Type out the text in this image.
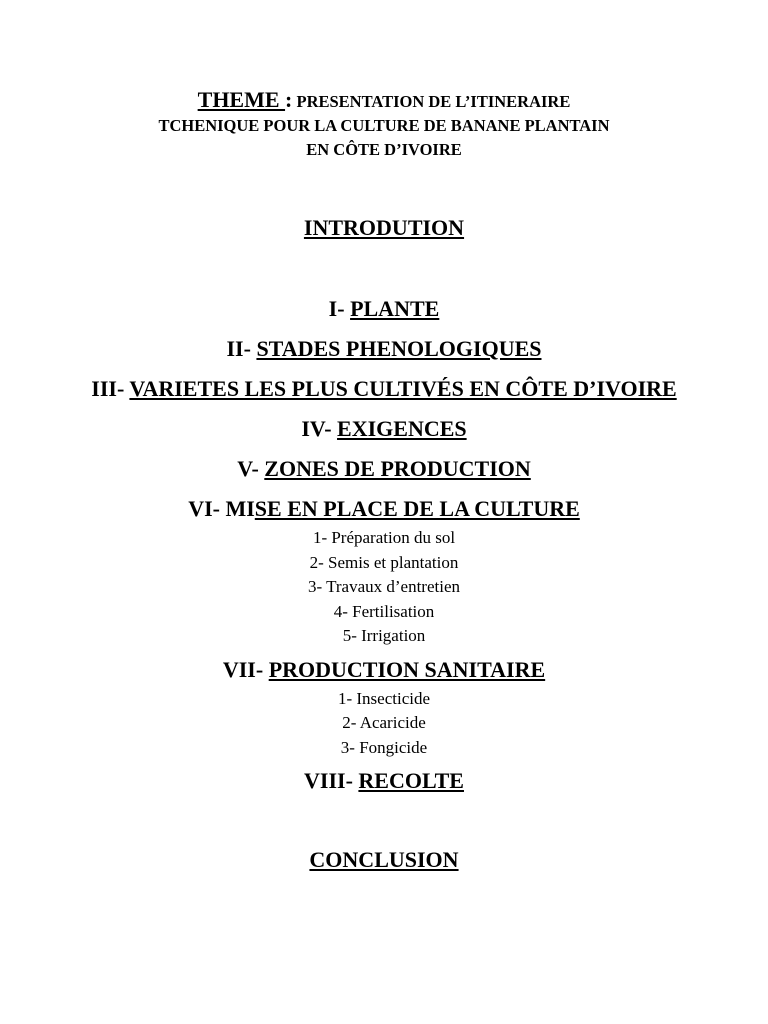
THEME : PRESENTATION DE L’ITINERAIRE
TCHENIQUE POUR LA CULTURE DE BANANE PLANTAIN
EN CÔTE D’IVOIRE
INTRODUTION
I- PLANTE
II- STADES PHENOLOGIQUES
III- VARIETES LES PLUS CULTIVÉS EN CÔTE D’IVOIRE
IV- EXIGENCES
V- ZONES DE PRODUCTION
VI- MISE EN PLACE DE LA CULTURE
1- Préparation du sol
2- Semis et plantation
3- Travaux d’entretien
4- Fertilisation
5- Irrigation
VII- PRODUCTION SANITAIRE
1- Insecticide
2- Acaricide
3- Fongicide
VIII- RECOLTE
CONCLUSION
